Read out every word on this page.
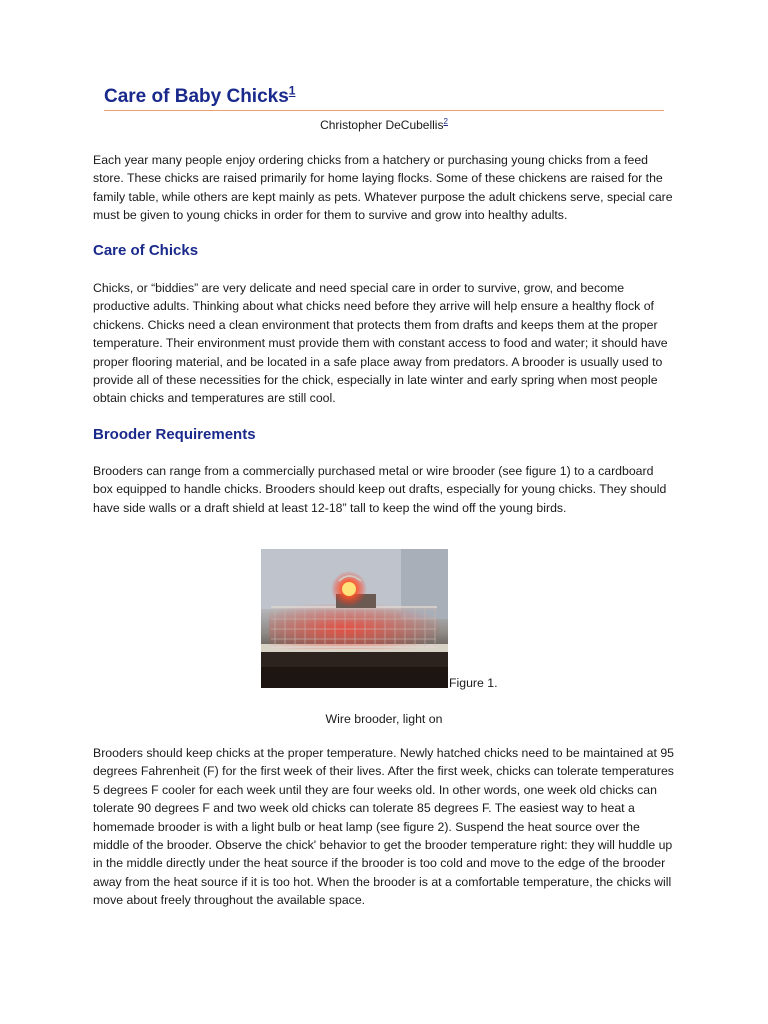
Care of Baby Chicks$^1$
Christopher DeCubellis$^2$

Each year many people enjoy ordering chicks from a hatchery or purchasing young chicks from a feed store. These chicks are raised primarily for home laying flocks. Some of these chickens are raised for the family table, while others are kept mainly as pets. Whatever purpose the adult chickens serve, special care must be given to young chicks in order for them to survive and grow into healthy adults.

Care of Chicks

Chicks, or “biddies” are very delicate and need special care in order to survive, grow, and become productive adults. Thinking about what chicks need before they arrive will help ensure a healthy flock of chickens. Chicks need a clean environment that protects them from drafts and keeps them at the proper temperature. Their environment must provide them with constant access to food and water; it should have proper flooring material, and be located in a safe place away from predators. A brooder is usually used to provide all of these necessities for the chick, especially in late winter and early spring when most people obtain chicks and temperatures are still cool.

Brooder Requirements

Brooders can range from a commercially purchased metal or wire brooder (see figure 1) to a cardboard box equipped to handle chicks. Brooders should keep out drafts, especially for young chicks. They should have side walls or a draft shield at least 12-18” tall to keep the wind off the young birds.

Figure 1.
Wire brooder, light on

Brooders should keep chicks at the proper temperature. Newly hatched chicks need to be maintained at 95 degrees Fahrenheit (F) for the first week of their lives. After the first week, chicks can tolerate temperatures 5 degrees F cooler for each week until they are four weeks old. In other words, one week old chicks can tolerate 90 degrees F and two week old chicks can tolerate 85 degrees F. The easiest way to heat a homemade brooder is with a light bulb or heat lamp (see figure 2). Suspend the heat source over the middle of the brooder. Observe the chick' behavior to get the brooder temperature right: they will huddle up in the middle directly under the heat source if the brooder is too cold and move to the edge of the brooder away from the heat source if it is too hot. When the brooder is at a comfortable temperature, the chicks will move about freely throughout the available space.
